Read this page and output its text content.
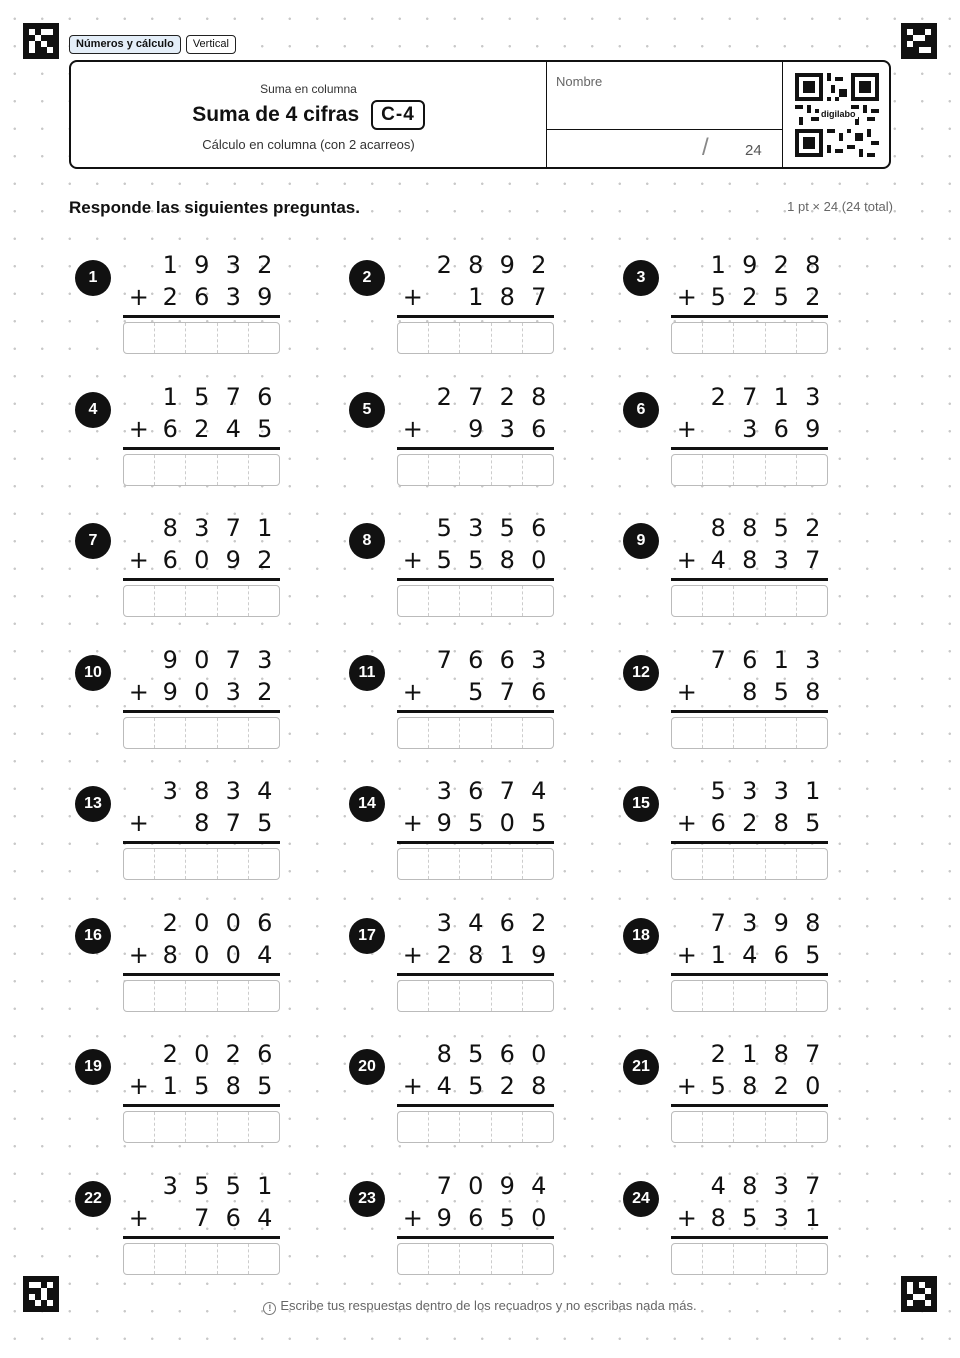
Números y cálculo	Vertical
Suma en columna
Suma de 4 cifras	C-4
Cálculo en columna (con 2 acarreos)
Nombre
/ 24
digilabo
Responde las siguientes preguntas.	1 pt × 24 (24 total)
1	1 9 3 2
+ 2 6 3 9
2	2 8 9 2
+	1 8 7
3	1 9 2 8
+ 5 2 5 2
4	1 5 7 6
+ 6 2 4 5
5	2 7 2 8
+	9 3 6
6	2 7 1 3
+	3 6 9
7	8 3 7 1
+ 6 0 9 2
8	5 3 5 6
+ 5 5 8 0
9	8 8 5 2
+ 4 8 3 7
10	9 0 7 3
+ 9 0 3 2
11	7 6 6 3
+	5 7 6
12	7 6 1 3
+	8 5 8
13	3 8 3 4
+	8 7 5
14	3 6 7 4
+ 9 5 0 5
15	5 3 3 1
+ 6 2 8 5
16	2 0 0 6
+ 8 0 0 4
17	3 4 6 2
+ 2 8 1 9
18	7 3 9 8
+ 1 4 6 5
19	2 0 2 6
+ 1 5 8 5
20	8 5 6 0
+ 4 5 2 8
21	2 1 8 7
+ 5 8 2 0
22	3 5 5 1
+	7 6 4
23	7 0 9 4
+ 9 6 5 0
24	4 8 3 7
+ 8 5 3 1
! Escribe tus respuestas dentro de los recuadros y no escribas nada más.
